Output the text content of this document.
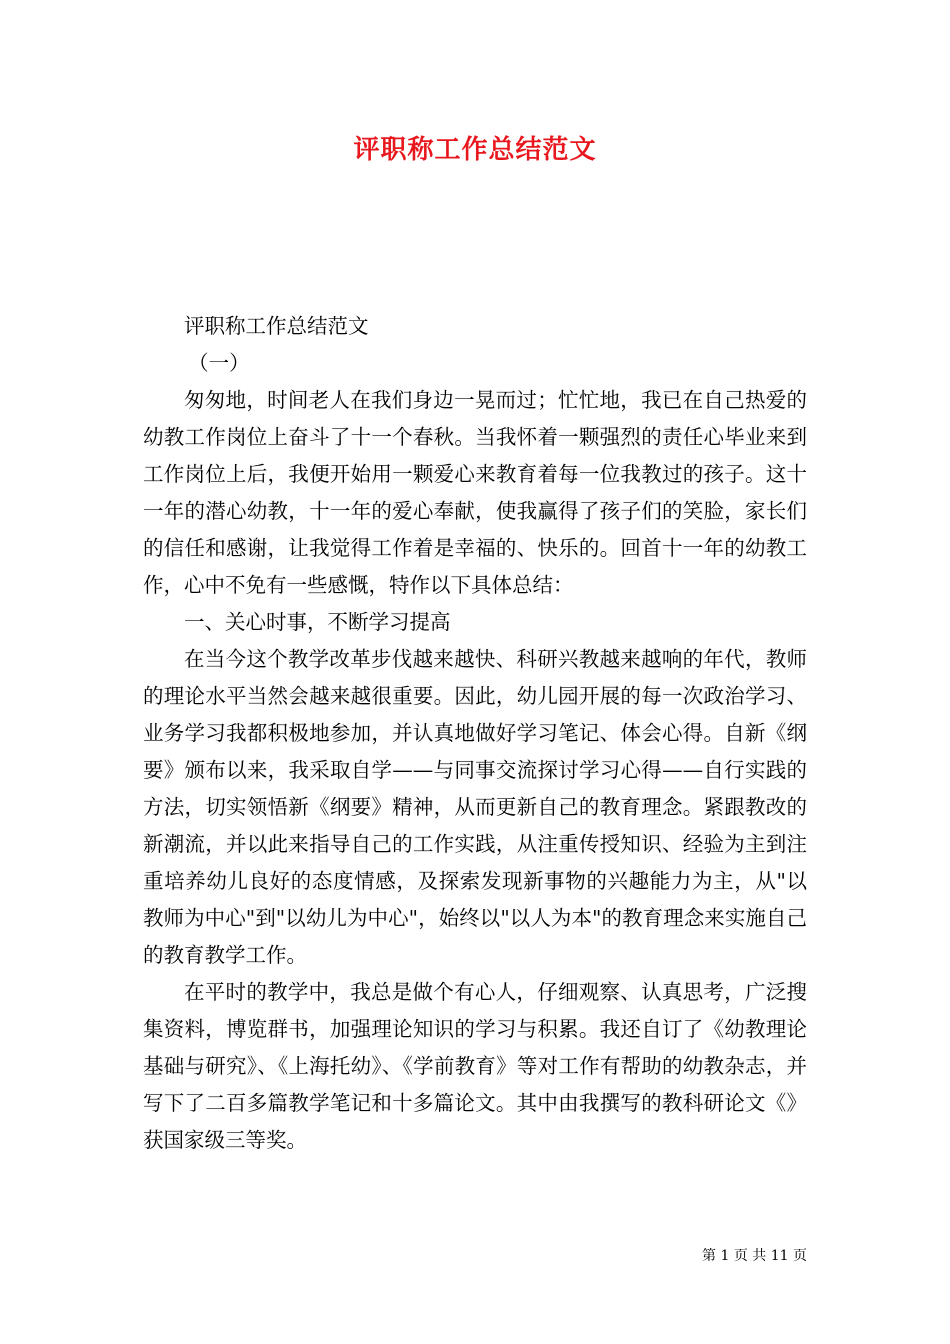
评职称工作总结范文

评职称工作总结范文

（一）

匆匆地，时间老人在我们身边一晃而过；忙忙地，我已在自己热爱的幼教工作岗位上奋斗了十一个春秋。当我怀着一颗强烈的责任心毕业来到工作岗位上后，我便开始用一颗爱心来教育着每一位我教过的孩子。这十一年的潜心幼教，十一年的爱心奉献，使我赢得了孩子们的笑脸，家长们的信任和感谢，让我觉得工作着是幸福的、快乐的。回首十一年的幼教工作，心中不免有一些感慨，特作以下具体总结：

一、关心时事，不断学习提高

在当今这个教学改革步伐越来越快、科研兴教越来越响的年代，教师的理论水平当然会越来越很重要。因此，幼儿园开展的每一次政治学习、业务学习我都积极地参加，并认真地做好学习笔记、体会心得。自新《纲要》颁布以来，我采取自学——与同事交流探讨学习心得——自行实践的方法，切实领悟新《纲要》精神，从而更新自己的教育理念。紧跟教改的新潮流，并以此来指导自己的工作实践，从注重传授知识、经验为主到注重培养幼儿良好的态度情感，及探索发现新事物的兴趣能力为主，从"以教师为中心"到"以幼儿为中心"，始终以"以人为本"的教育理念来实施自己的教育教学工作。

在平时的教学中，我总是做个有心人，仔细观察、认真思考，广泛搜集资料，博览群书，加强理论知识的学习与积累。我还自订了《幼教理论基础与研究》、《上海托幼》、《学前教育》等对工作有帮助的幼教杂志，并写下了二百多篇教学笔记和十多篇论文。其中由我撰写的教科研论文《》获国家级三等奖。

第 1 页 共 11 页
